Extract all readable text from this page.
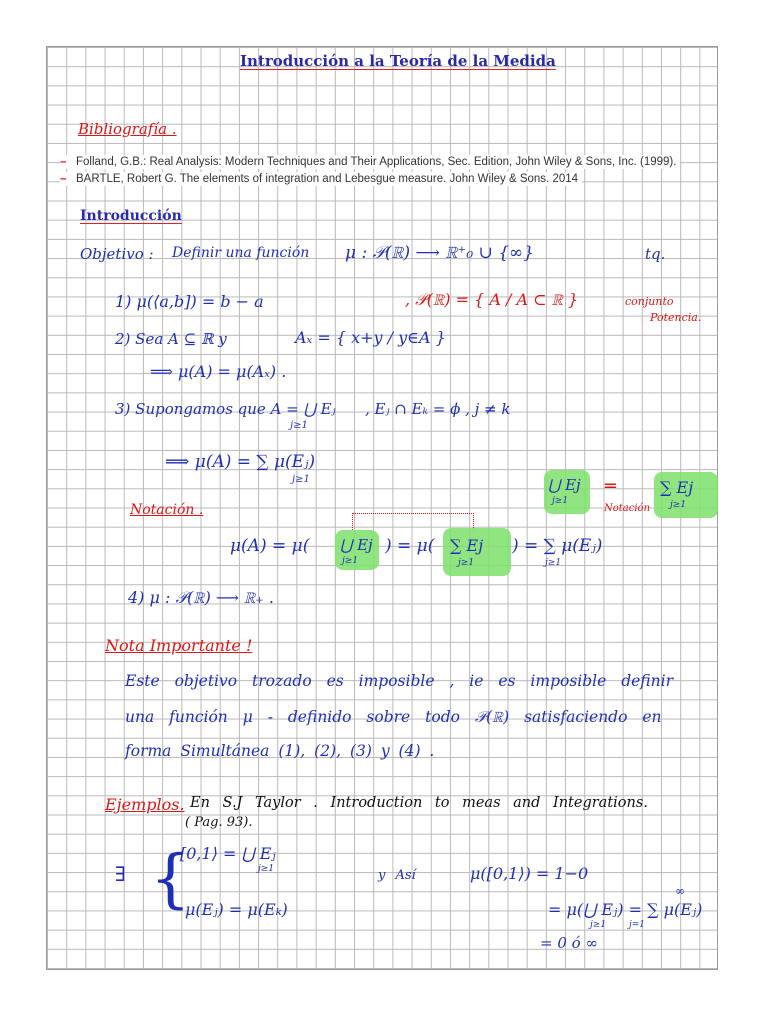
Introducción a la Teoría de la Medida
Bibliografía .
– Folland, G.B.: Real Analysis: Modern Techniques and Their Applications, Sec. Edition, John Wiley & Sons, Inc. (1999).
– BARTLE, Robert G. The elements of integration and Lebesgue measure. John Wiley & Sons. 2014
Introducción
Objetivo : Definir una función μ : 𝒫(ℝ) ⟶ ℝ⁺₀ ∪ {∞}	tq.
1) μ(⟨a,b]) = b − a	, 𝒫(ℝ) = { A / A ⊂ ℝ }	conjunto
Potencia.
2) Sea A ⊆ ℝ y	Aₓ = { x+y / y∈A }
⟹ μ(A) = μ(Aₓ) .
3) Supongamos que A = ⋃ Eⱼ
j≥1
, Eⱼ ∩ Eₖ = ϕ , j ≠ k
⟹ μ(A) = ∑ μ(Eⱼ)
j≥1	⋃ Ej
j≥1
═
Notación
∑ Ej
j≥1
Notación .
μ(A) = μ( ⋃ Ej ) = μ( ∑ Ej ) = ∑ μ(Eⱼ)
j≥1	j≥1	j≥1
4) μ : 𝒫(ℝ) ⟶ ℝ₊ .
Nota Importante !
Este objetivo trozado es imposible , ie es imposible definir
una función μ - definido sobre todo 𝒫(ℝ) satisfaciendo en
forma Simultánea (1), (2), (3) y (4) .
Ejemplos. En S.J Taylor . Introduction to meas and Integrations.
( Pag. 93).
∃ {
[0,1⟩ = ⋃ Eⱼ
j≥1
μ(Eⱼ) = μ(Eₖ)
y Así	μ([0,1⟩) = 1−0
= μ(⋃ Eⱼ) = ∑ μ(Eⱼ)
∞
j≥1        j=1
= 0 ó ∞
